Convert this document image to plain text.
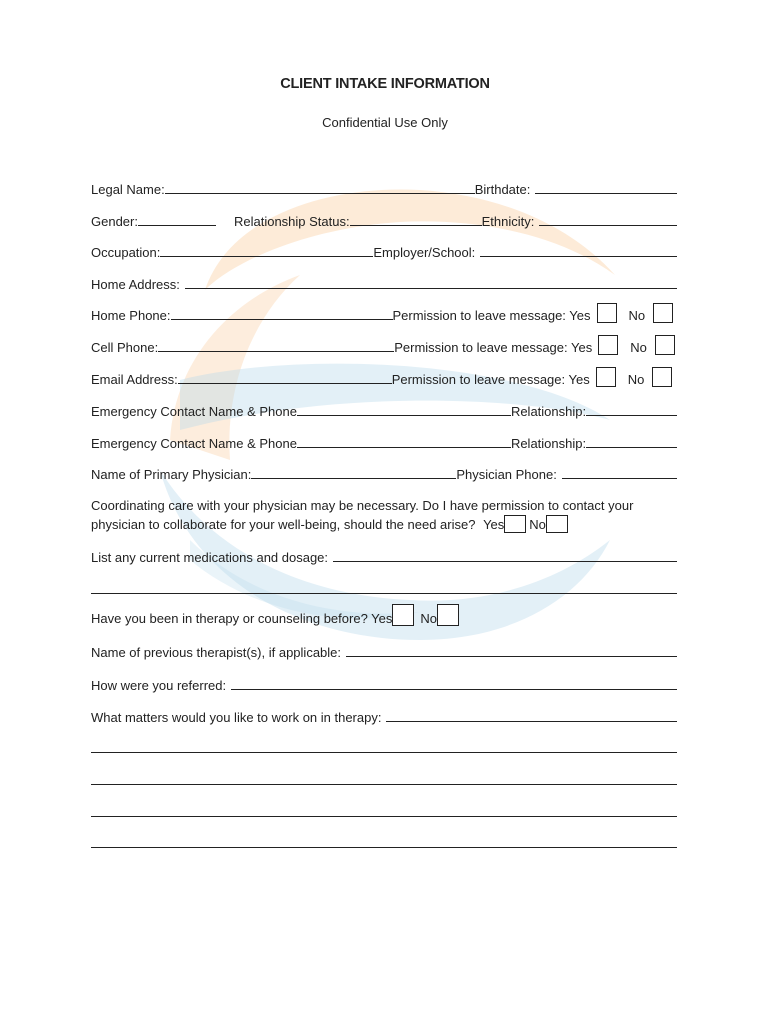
CLIENT INTAKE INFORMATION
Confidential Use Only
Legal Name:	Birthdate:
Gender:	Relationship Status:	Ethnicity:
Occupation:	Employer/School:
Home Address:
Home Phone:	Permission to leave message: Yes	No
Cell Phone:	Permission to leave message: Yes	No
Email Address:	Permission to leave message: Yes	No
Emergency Contact Name & Phone	Relationship:
Emergency Contact Name & Phone	Relationship:
Name of Primary Physician:	Physician Phone:
Coordinating care with your physician may be necessary. Do I have permission to contact your
physician to collaborate for your well-being, should the need arise? Yes No
List any current medications and dosage:
Have you been in therapy or counseling before? Yes No
Name of previous therapist(s), if applicable:
How were you referred:
What matters would you like to work on in therapy:
